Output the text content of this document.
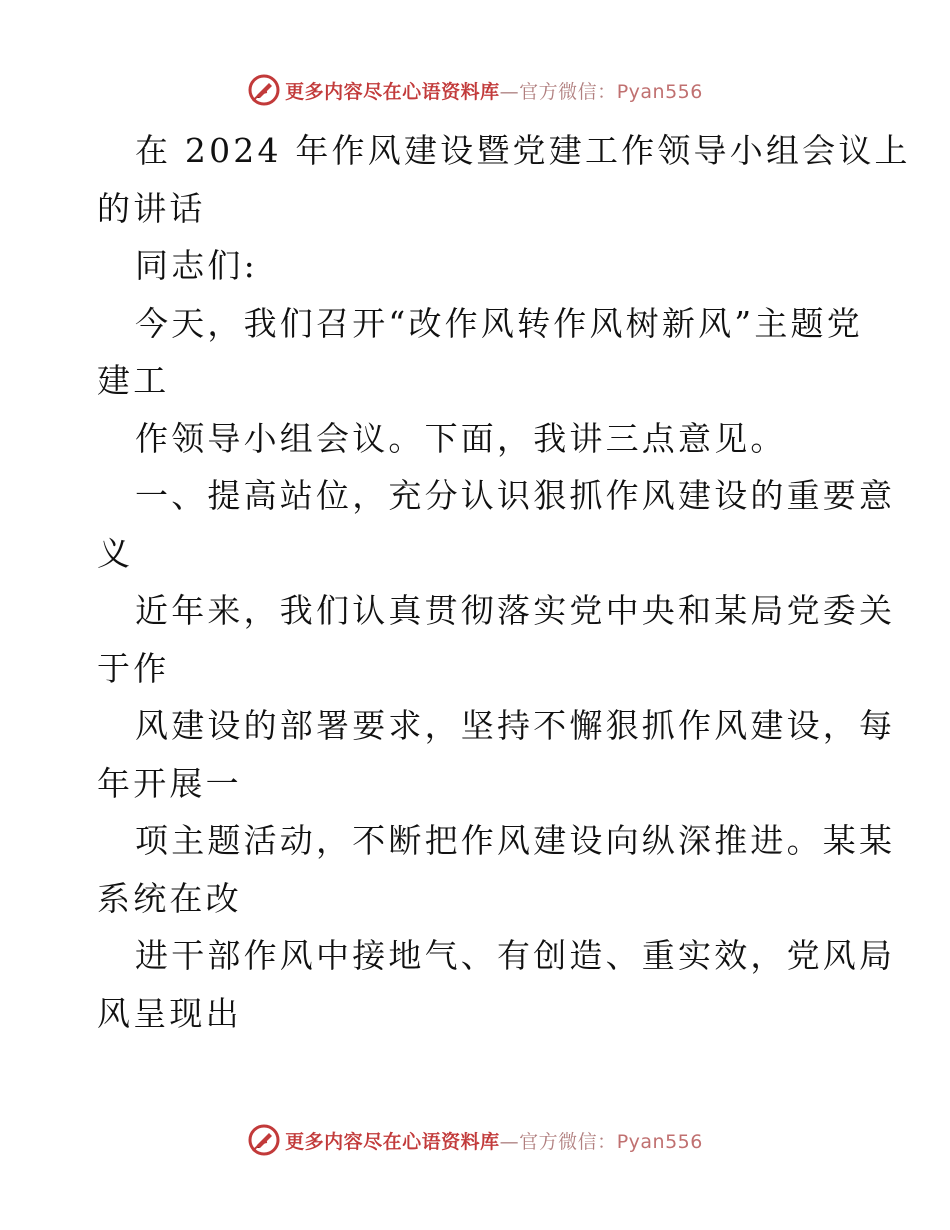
更多内容尽在心语资料库—官方微信：Pyan556
在 2024 年作风建设暨党建工作领导小组会议上
的讲话
同志们:
今天，我们召开“改作风转作风树新风”主题党
建工
作领导小组会议。下面，我讲三点意见。
一、提高站位，充分认识狠抓作风建设的重要意
义
近年来，我们认真贯彻落实党中央和某局党委关
于作
风建设的部署要求，坚持不懈狠抓作风建设，每
年开展一
项主题活动，不断把作风建设向纵深推进。某某
系统在改
进干部作风中接地气、有创造、重实效，党风局
风呈现出
更多内容尽在心语资料库—官方微信：Pyan556
